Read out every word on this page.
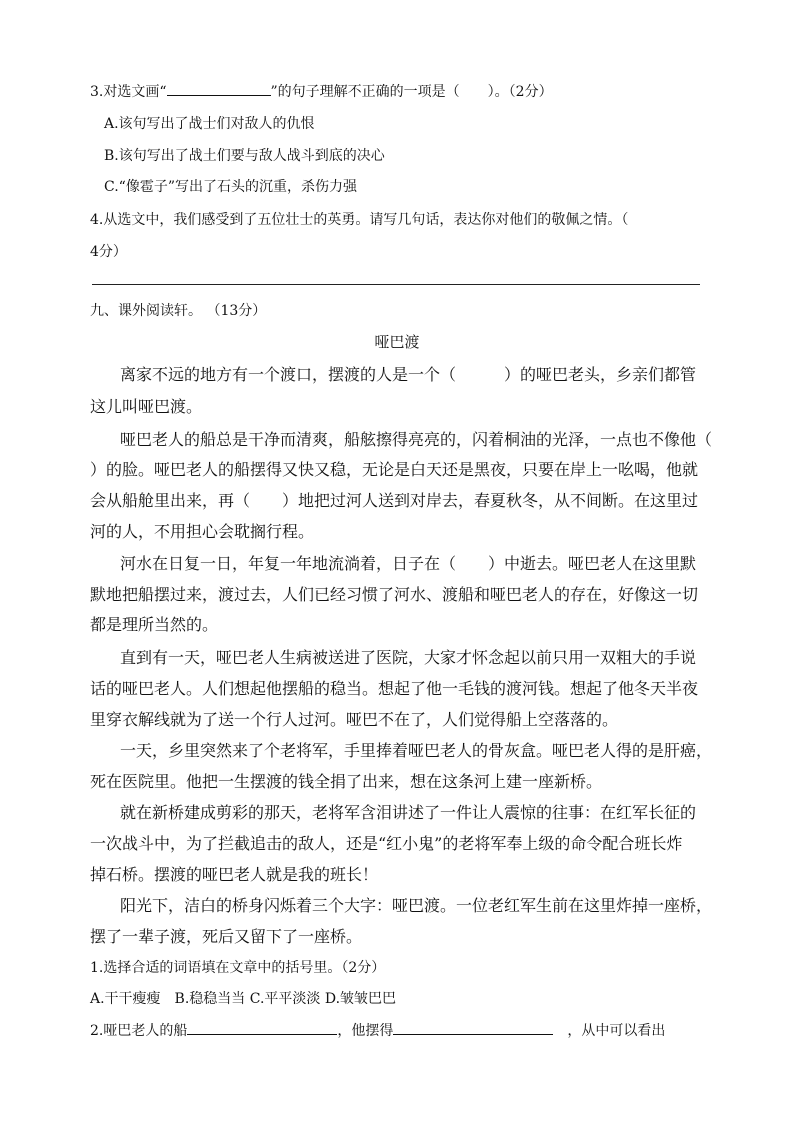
3.对选文画“	”的句子理解不正确的一项是（　　）。（2分）
A.该句写出了战士们对敌人的仇恨
B.该句写出了战土们要与敌人战斗到底的决心
C.“像雹子”写出了石头的沉重，杀伤力强
4.从选文中，我们感受到了五位壮士的英勇。请写几句话，表达你对他们的敬佩之情。（
4分）
九、课外阅读轩。 （13分）
哑巴渡
离家不远的地方有一个渡口，摆渡的人是一个（　　　）的哑巴老头，乡亲们都管
这儿叫哑巴渡。
哑巴老人的船总是干净而清爽，船舷擦得亮亮的，闪着桐油的光泽，一点也不像他（
）的脸。哑巴老人的船摆得又快又稳，无论是白天还是黑夜，只要在岸上一吆喝，他就
会从船舱里出来，再（　　）地把过河人送到对岸去，春夏秋冬，从不间断。在这里过
河的人，不用担心会耽搁行程。
河水在日复一日，年复一年地流淌着，日子在（　　）中逝去。哑巴老人在这里默
默地把船摆过来，渡过去，人们已经习惯了河水、渡船和哑巴老人的存在，好像这一切
都是理所当然的。
直到有一天，哑巴老人生病被送进了医院，大家才怀念起以前只用一双粗大的手说
话的哑巴老人。人们想起他摆船的稳当。想起了他一毛钱的渡河钱。想起了他冬天半夜
里穿衣解线就为了送一个行人过河。哑巴不在了，人们觉得船上空落落的。
一天，乡里突然来了个老将军，手里捧着哑巴老人的骨灰盒。哑巴老人得的是肝癌，
死在医院里。他把一生摆渡的钱全捐了出来，想在这条河上建一座新桥。
就在新桥建成剪彩的那天，老将军含泪讲述了一件让人震惊的往事：在红军长征的
一次战斗中，为了拦截追击的敌人，还是“红小鬼”的老将军奉上级的命令配合班长炸
掉石桥。摆渡的哑巴老人就是我的班长！
阳光下，洁白的桥身闪烁着三个大字：哑巴渡。一位老红军生前在这里炸掉一座桥，
摆了一辈子渡，死后又留下了一座桥。
1.选择合适的词语填在文章中的括号里。（2分）
A.干干瘦瘦　B.稳稳当当 C.平平淡淡 D.皱皱巴巴
2.哑巴老人的船	，他摆得	，从中可以看出
